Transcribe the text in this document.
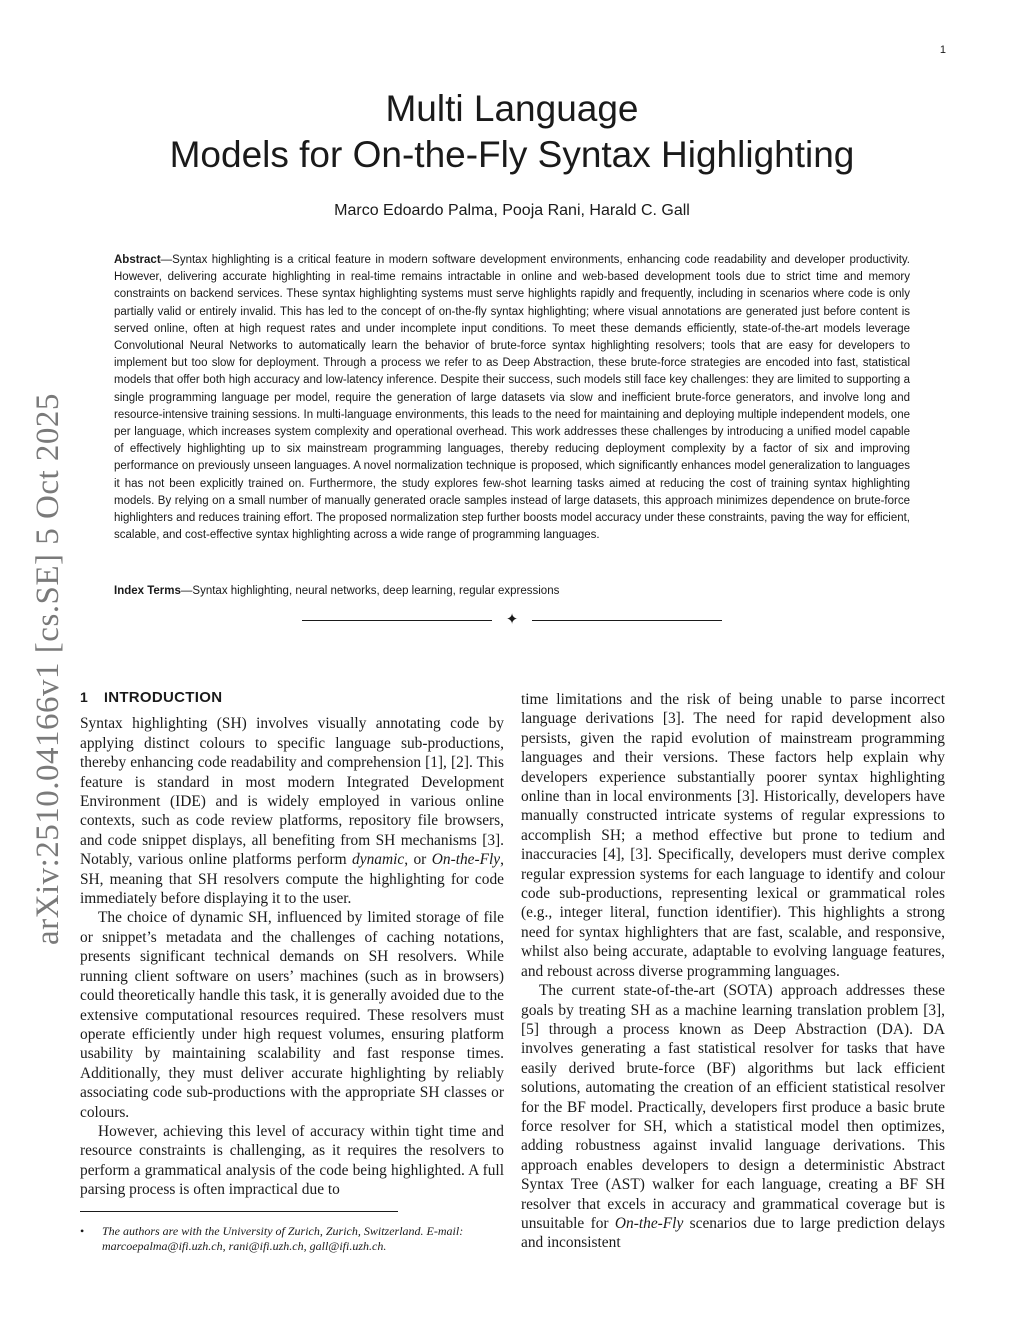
1
arXiv:2510.04166v1 [cs.SE] 5 Oct 2025
Multi Language
Models for On-the-Fly Syntax Highlighting
Marco Edoardo Palma, Pooja Rani, Harald C. Gall

Abstract—Syntax highlighting is a critical feature in modern software development environments, enhancing code readability and developer productivity. However, delivering accurate highlighting in real-time remains intractable in online and web-based development tools due to strict time and memory constraints on backend services. These syntax highlighting systems must serve highlights rapidly and frequently, including in scenarios where code is only partially valid or entirely invalid. This has led to the concept of on-the-fly syntax highlighting; where visual annotations are generated just before content is served online, often at high request rates and under incomplete input conditions. To meet these demands efficiently, state-of-the-art models leverage Convolutional Neural Networks to automatically learn the behavior of brute-force syntax highlighting resolvers; tools that are easy for developers to implement but too slow for deployment. Through a process we refer to as Deep Abstraction, these brute-force strategies are encoded into fast, statistical models that offer both high accuracy and low-latency inference. Despite their success, such models still face key challenges: they are limited to supporting a single programming language per model, require the generation of large datasets via slow and inefficient brute-force generators, and involve long and resource-intensive training sessions. In multi-language environments, this leads to the need for maintaining and deploying multiple independent models, one per language, which increases system complexity and operational overhead. This work addresses these challenges by introducing a unified model capable of effectively highlighting up to six mainstream programming languages, thereby reducing deployment complexity by a factor of six and improving performance on previously unseen languages. A novel normalization technique is proposed, which significantly enhances model generalization to languages it has not been explicitly trained on. Furthermore, the study explores few-shot learning tasks aimed at reducing the cost of training syntax highlighting models. By relying on a small number of manually generated oracle samples instead of large datasets, this approach minimizes dependence on brute-force highlighters and reduces training effort. The proposed normalization step further boosts model accuracy under these constraints, paving the way for efficient, scalable, and cost-effective syntax highlighting across a wide range of programming languages.

Index Terms—Syntax highlighting, neural networks, deep learning, regular expressions

✦
1 INTRODUCTION

Syntax highlighting (SH) involves visually annotating code by applying distinct colours to specific language sub-productions, thereby enhancing code readability and comprehension [1], [2]. This feature is standard in most modern Integrated Development Environment (IDE) and is widely employed in various online contexts, such as code review platforms, repository file browsers, and code snippet displays, all benefiting from SH mechanisms [3]. Notably, various online platforms perform dynamic, or On-the-Fly, SH, meaning that SH resolvers compute the highlighting for code immediately before displaying it to the user.

The choice of dynamic SH, influenced by limited storage of file or snippet’s metadata and the challenges of caching notations, presents significant technical demands on SH resolvers. While running client software on users’ machines (such as in browsers) could theoretically handle this task, it is generally avoided due to the extensive computational resources required. These resolvers must operate efficiently under high request volumes, ensuring platform usability by maintaining scalability and fast response times. Additionally, they must deliver accurate highlighting by reliably associating code sub-productions with the appropriate SH classes or colours.

However, achieving this level of accuracy within tight time and resource constraints is challenging, as it requires the resolvers to perform a grammatical analysis of the code being highlighted. A full parsing process is often impractical due to

•	The authors are with the University of Zurich, Zurich, Switzerland. E-mail: marcoepalma@ifi.uzh.ch, rani@ifi.uzh.ch, gall@ifi.uzh.ch.

time limitations and the risk of being unable to parse incorrect language derivations [3]. The need for rapid development also persists, given the rapid evolution of mainstream programming languages and their versions. These factors help explain why developers experience substantially poorer syntax highlighting online than in local environments [3]. Historically, developers have manually constructed intricate systems of regular expressions to accomplish SH; a method effective but prone to tedium and inaccuracies [4], [3]. Specifically, developers must derive complex regular expression systems for each language to identify and colour code sub-productions, representing lexical or grammatical roles (e.g., integer literal, function identifier). This highlights a strong need for syntax highlighters that are fast, scalable, and responsive, whilst also being accurate, adaptable to evolving language features, and reboust across diverse programming languages.

The current state-of-the-art (SOTA) approach addresses these goals by treating SH as a machine learning translation problem [3], [5] through a process known as Deep Abstraction (DA). DA involves generating a fast statistical resolver for tasks that have easily derived brute-force (BF) algorithms but lack efficient solutions, automating the creation of an efficient statistical resolver for the BF model. Practically, developers first produce a basic brute force resolver for SH, which a statistical model then optimizes, adding robustness against invalid language derivations. This approach enables developers to design a deterministic Abstract Syntax Tree (AST) walker for each language, creating a BF SH resolver that excels in accuracy and grammatical coverage but is unsuitable for On-the-Fly scenarios due to large prediction delays and inconsistent
